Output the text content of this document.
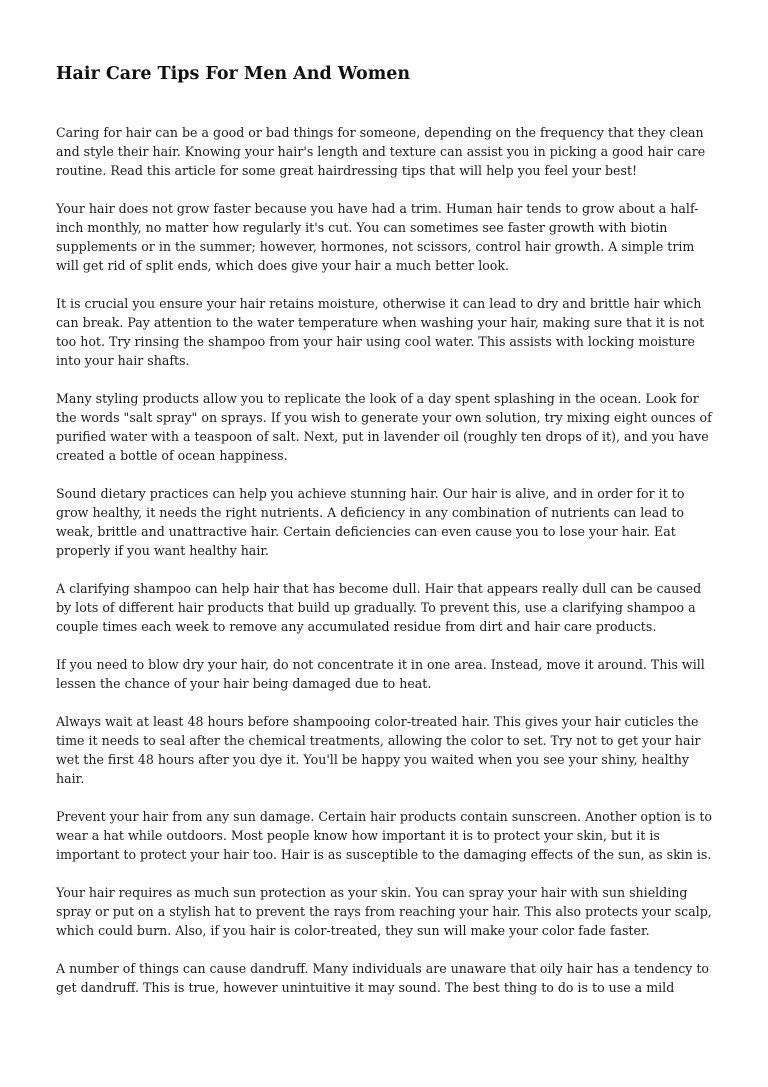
Hair Care Tips For Men And Women

Caring for hair can be a good or bad things for someone, depending on the frequency that they clean and style their hair. Knowing your hair's length and texture can assist you in picking a good hair care routine. Read this article for some great hairdressing tips that will help you feel your best!

Your hair does not grow faster because you have had a trim. Human hair tends to grow about a half-inch monthly, no matter how regularly it's cut. You can sometimes see faster growth with biotin supplements or in the summer; however, hormones, not scissors, control hair growth. A simple trim will get rid of split ends, which does give your hair a much better look.

It is crucial you ensure your hair retains moisture, otherwise it can lead to dry and brittle hair which can break. Pay attention to the water temperature when washing your hair, making sure that it is not too hot. Try rinsing the shampoo from your hair using cool water. This assists with locking moisture into your hair shafts.

Many styling products allow you to replicate the look of a day spent splashing in the ocean. Look for the words "salt spray" on sprays. If you wish to generate your own solution, try mixing eight ounces of purified water with a teaspoon of salt. Next, put in lavender oil (roughly ten drops of it), and you have created a bottle of ocean happiness.

Sound dietary practices can help you achieve stunning hair. Our hair is alive, and in order for it to grow healthy, it needs the right nutrients. A deficiency in any combination of nutrients can lead to weak, brittle and unattractive hair. Certain deficiencies can even cause you to lose your hair. Eat properly if you want healthy hair.

A clarifying shampoo can help hair that has become dull. Hair that appears really dull can be caused by lots of different hair products that build up gradually. To prevent this, use a clarifying shampoo a couple times each week to remove any accumulated residue from dirt and hair care products.

If you need to blow dry your hair, do not concentrate it in one area. Instead, move it around. This will lessen the chance of your hair being damaged due to heat.

Always wait at least 48 hours before shampooing color-treated hair. This gives your hair cuticles the time it needs to seal after the chemical treatments, allowing the color to set. Try not to get your hair wet the first 48 hours after you dye it. You'll be happy you waited when you see your shiny, healthy hair.

Prevent your hair from any sun damage. Certain hair products contain sunscreen. Another option is to wear a hat while outdoors. Most people know how important it is to protect your skin, but it is important to protect your hair too. Hair is as susceptible to the damaging effects of the sun, as skin is.

Your hair requires as much sun protection as your skin. You can spray your hair with sun shielding spray or put on a stylish hat to prevent the rays from reaching your hair. This also protects your scalp, which could burn. Also, if you hair is color-treated, they sun will make your color fade faster.

A number of things can cause dandruff. Many individuals are unaware that oily hair has a tendency to get dandruff. This is true, however unintuitive it may sound. The best thing to do is to use a mild
